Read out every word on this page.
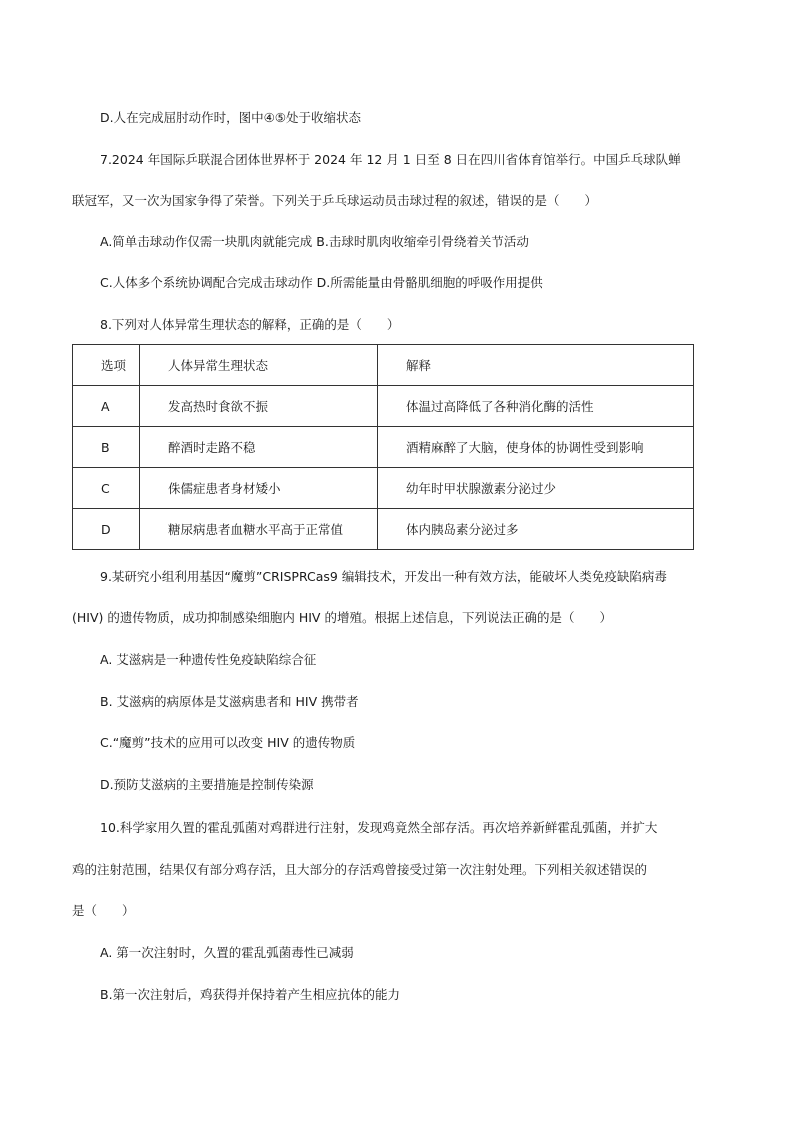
D.人在完成屈肘动作时，图中④⑤处于收缩状态
7.2024 年国际乒联混合团体世界杯于 2024 年 12 月 1 日至 8 日在四川省体育馆举行。中国乒乓球队蝉
联冠军，又一次为国家争得了荣誉。下列关于乒乓球运动员击球过程的叙述，错误的是（　　）
A.简单击球动作仅需一块肌肉就能完成 B.击球时肌肉收缩牵引骨绕着关节活动
C.人体多个系统协调配合完成击球动作 D.所需能量由骨骼肌细胞的呼吸作用提供
8.下列对人体异常生理状态的解释，正确的是（　　）
选项	人体异常生理状态	解释
A	发高热时食欲不振	体温过高降低了各种消化酶的活性
B	醉酒时走路不稳	酒精麻醉了大脑，使身体的协调性受到影响
C	侏儒症患者身材矮小	幼年时甲状腺激素分泌过少
D	糖尿病患者血糖水平高于正常值	体内胰岛素分泌过多
9.某研究小组利用基因“魔剪”CRISPRCas9 编辑技术，开发出一种有效方法，能破坏人类免疫缺陷病毒
(HIV) 的遗传物质，成功抑制感染细胞内 HIV 的增殖。根据上述信息，下列说法正确的是（　　）
A. 艾滋病是一种遗传性免疫缺陷综合征
B. 艾滋病的病原体是艾滋病患者和 HIV 携带者
C.“魔剪”技术的应用可以改变 HIV 的遗传物质
D.预防艾滋病的主要措施是控制传染源
10.科学家用久置的霍乱弧菌对鸡群进行注射，发现鸡竟然全部存活。再次培养新鲜霍乱弧菌，并扩大
鸡的注射范围，结果仅有部分鸡存活，且大部分的存活鸡曾接受过第一次注射处理。下列相关叙述错误的
是（　　）
A. 第一次注射时，久置的霍乱弧菌毒性已减弱
B.第一次注射后，鸡获得并保持着产生相应抗体的能力
